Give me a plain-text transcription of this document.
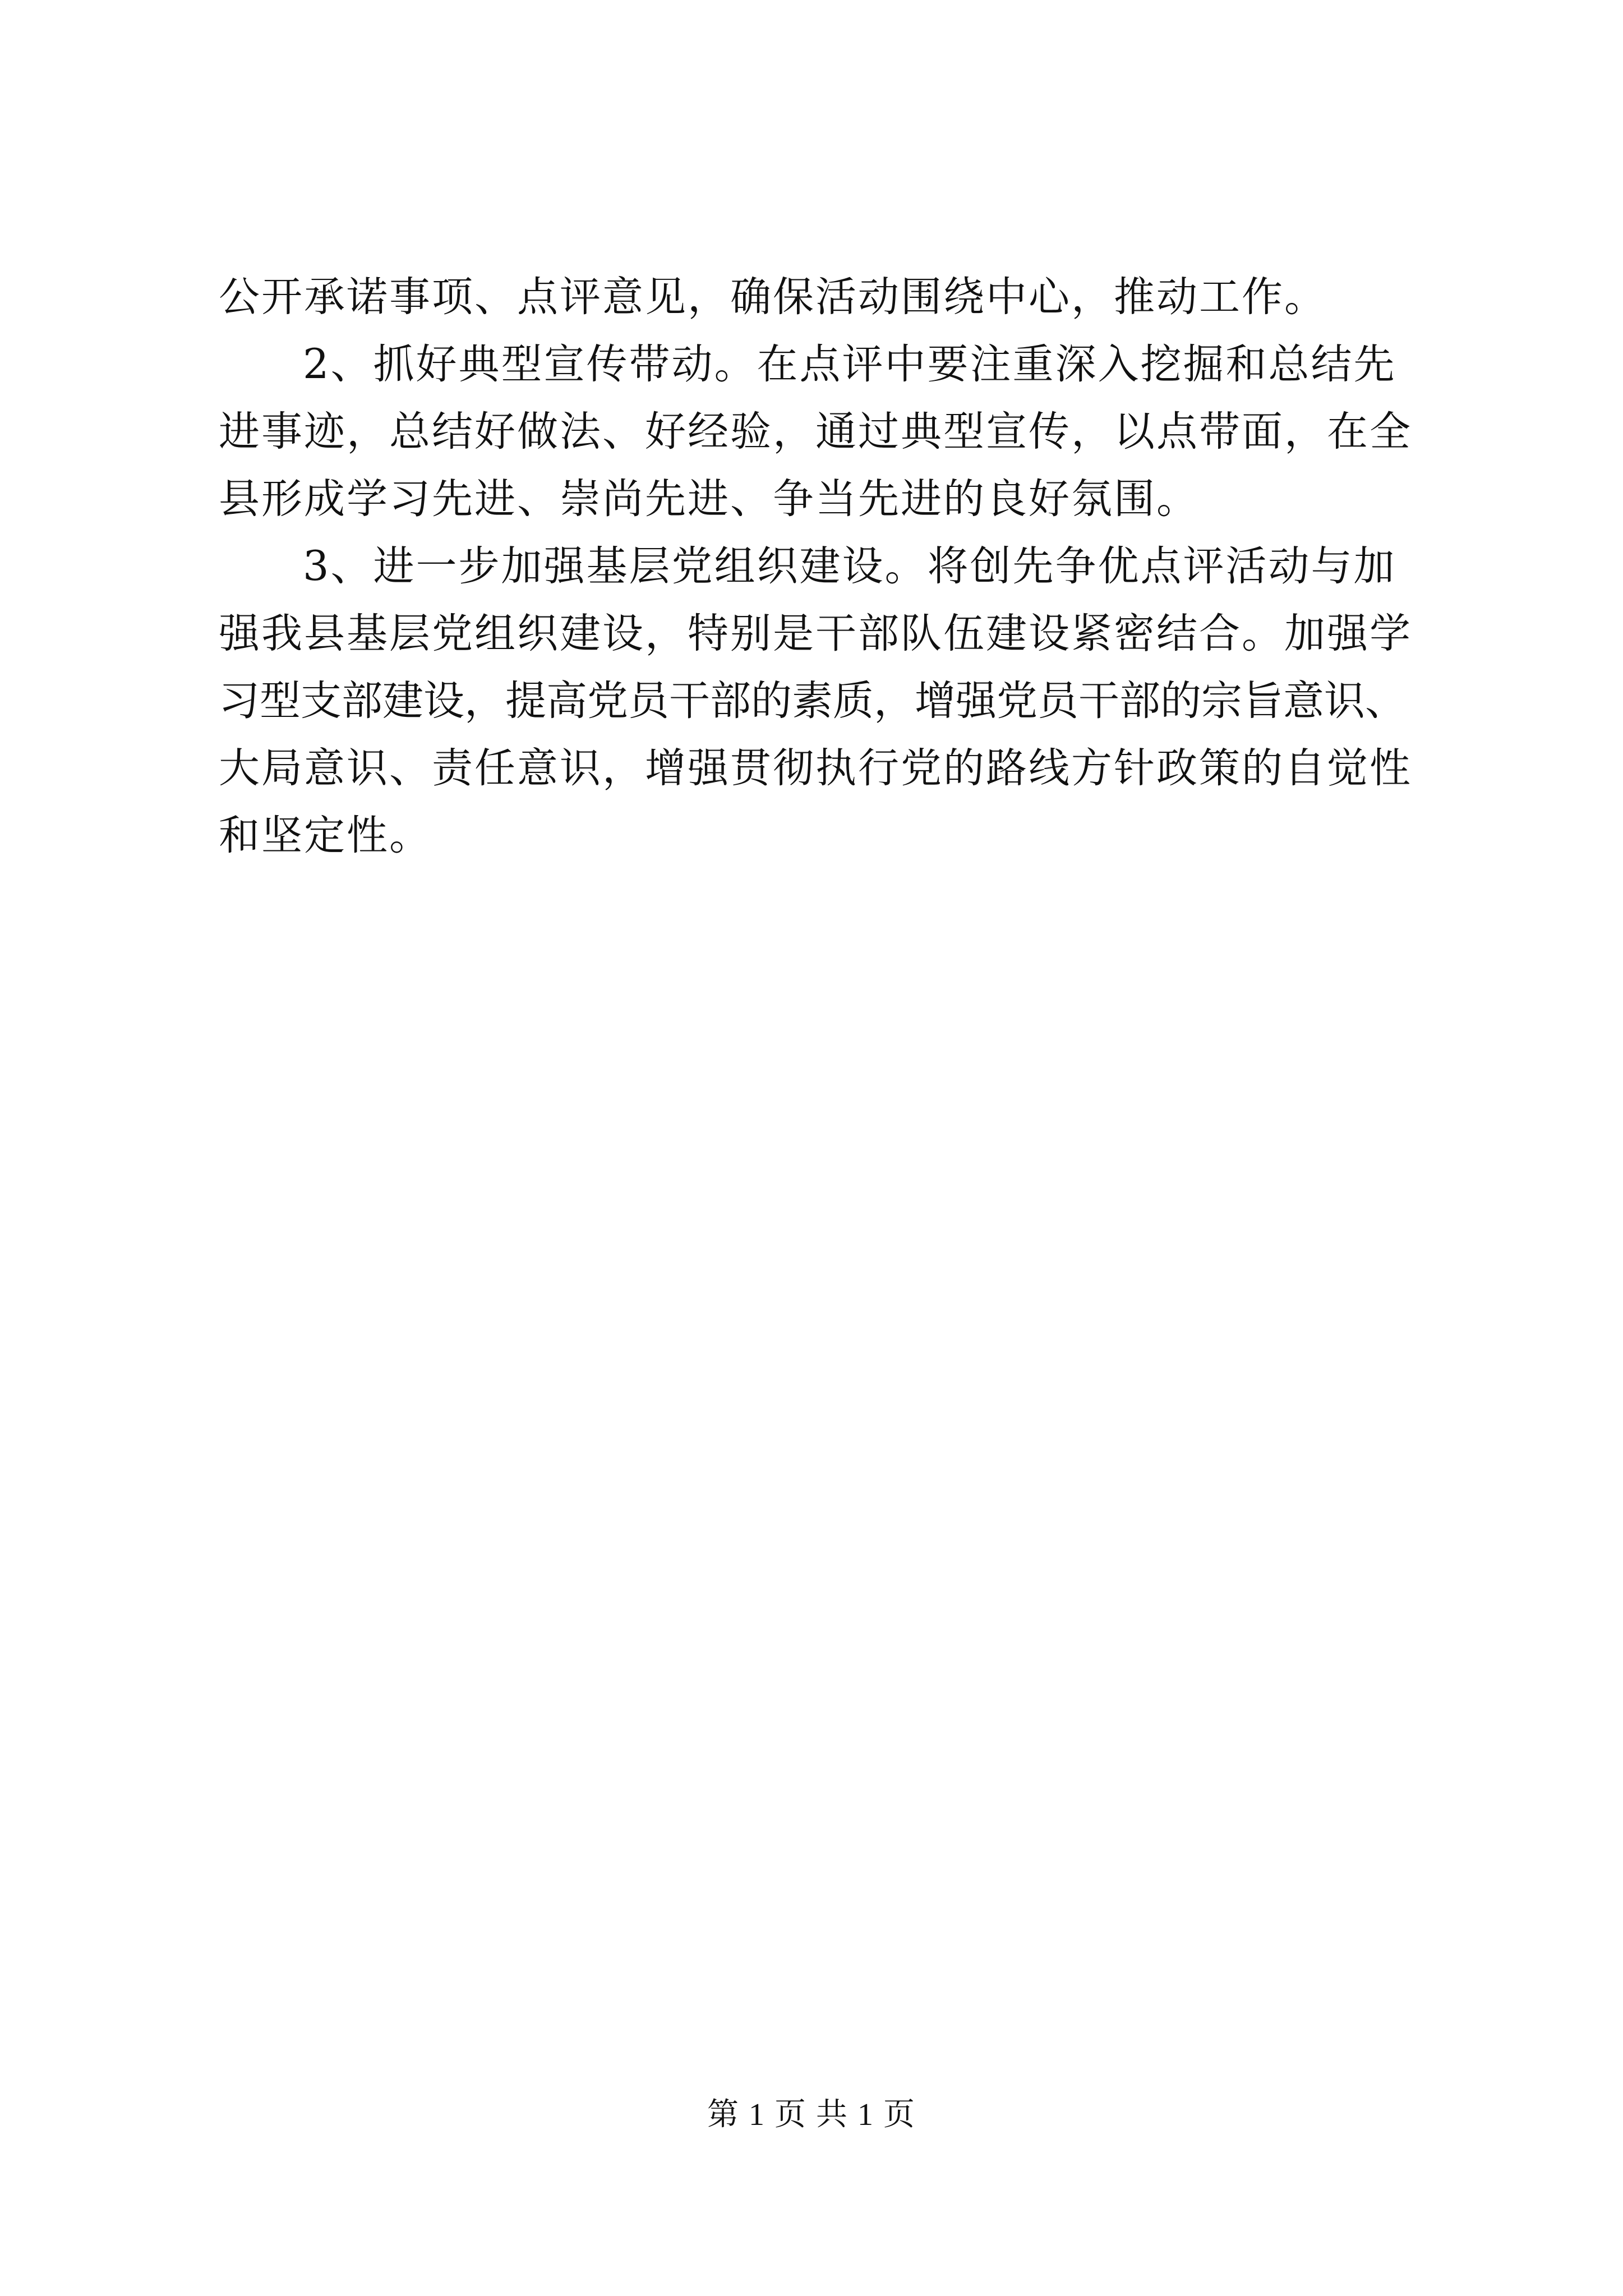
公开承诺事项、点评意见，确保活动围绕中心，推动工作。
2、抓好典型宣传带动。在点评中要注重深入挖掘和总结先
进事迹，总结好做法、好经验，通过典型宣传，以点带面，在全
县形成学习先进、崇尚先进、争当先进的良好氛围。
3、进一步加强基层党组织建设。将创先争优点评活动与加
强我县基层党组织建设，特别是干部队伍建设紧密结合。加强学
习型支部建设，提高党员干部的素质，增强党员干部的宗旨意识、
大局意识、责任意识，增强贯彻执行党的路线方针政策的自觉性
和坚定性。
第 1 页 共 1 页
